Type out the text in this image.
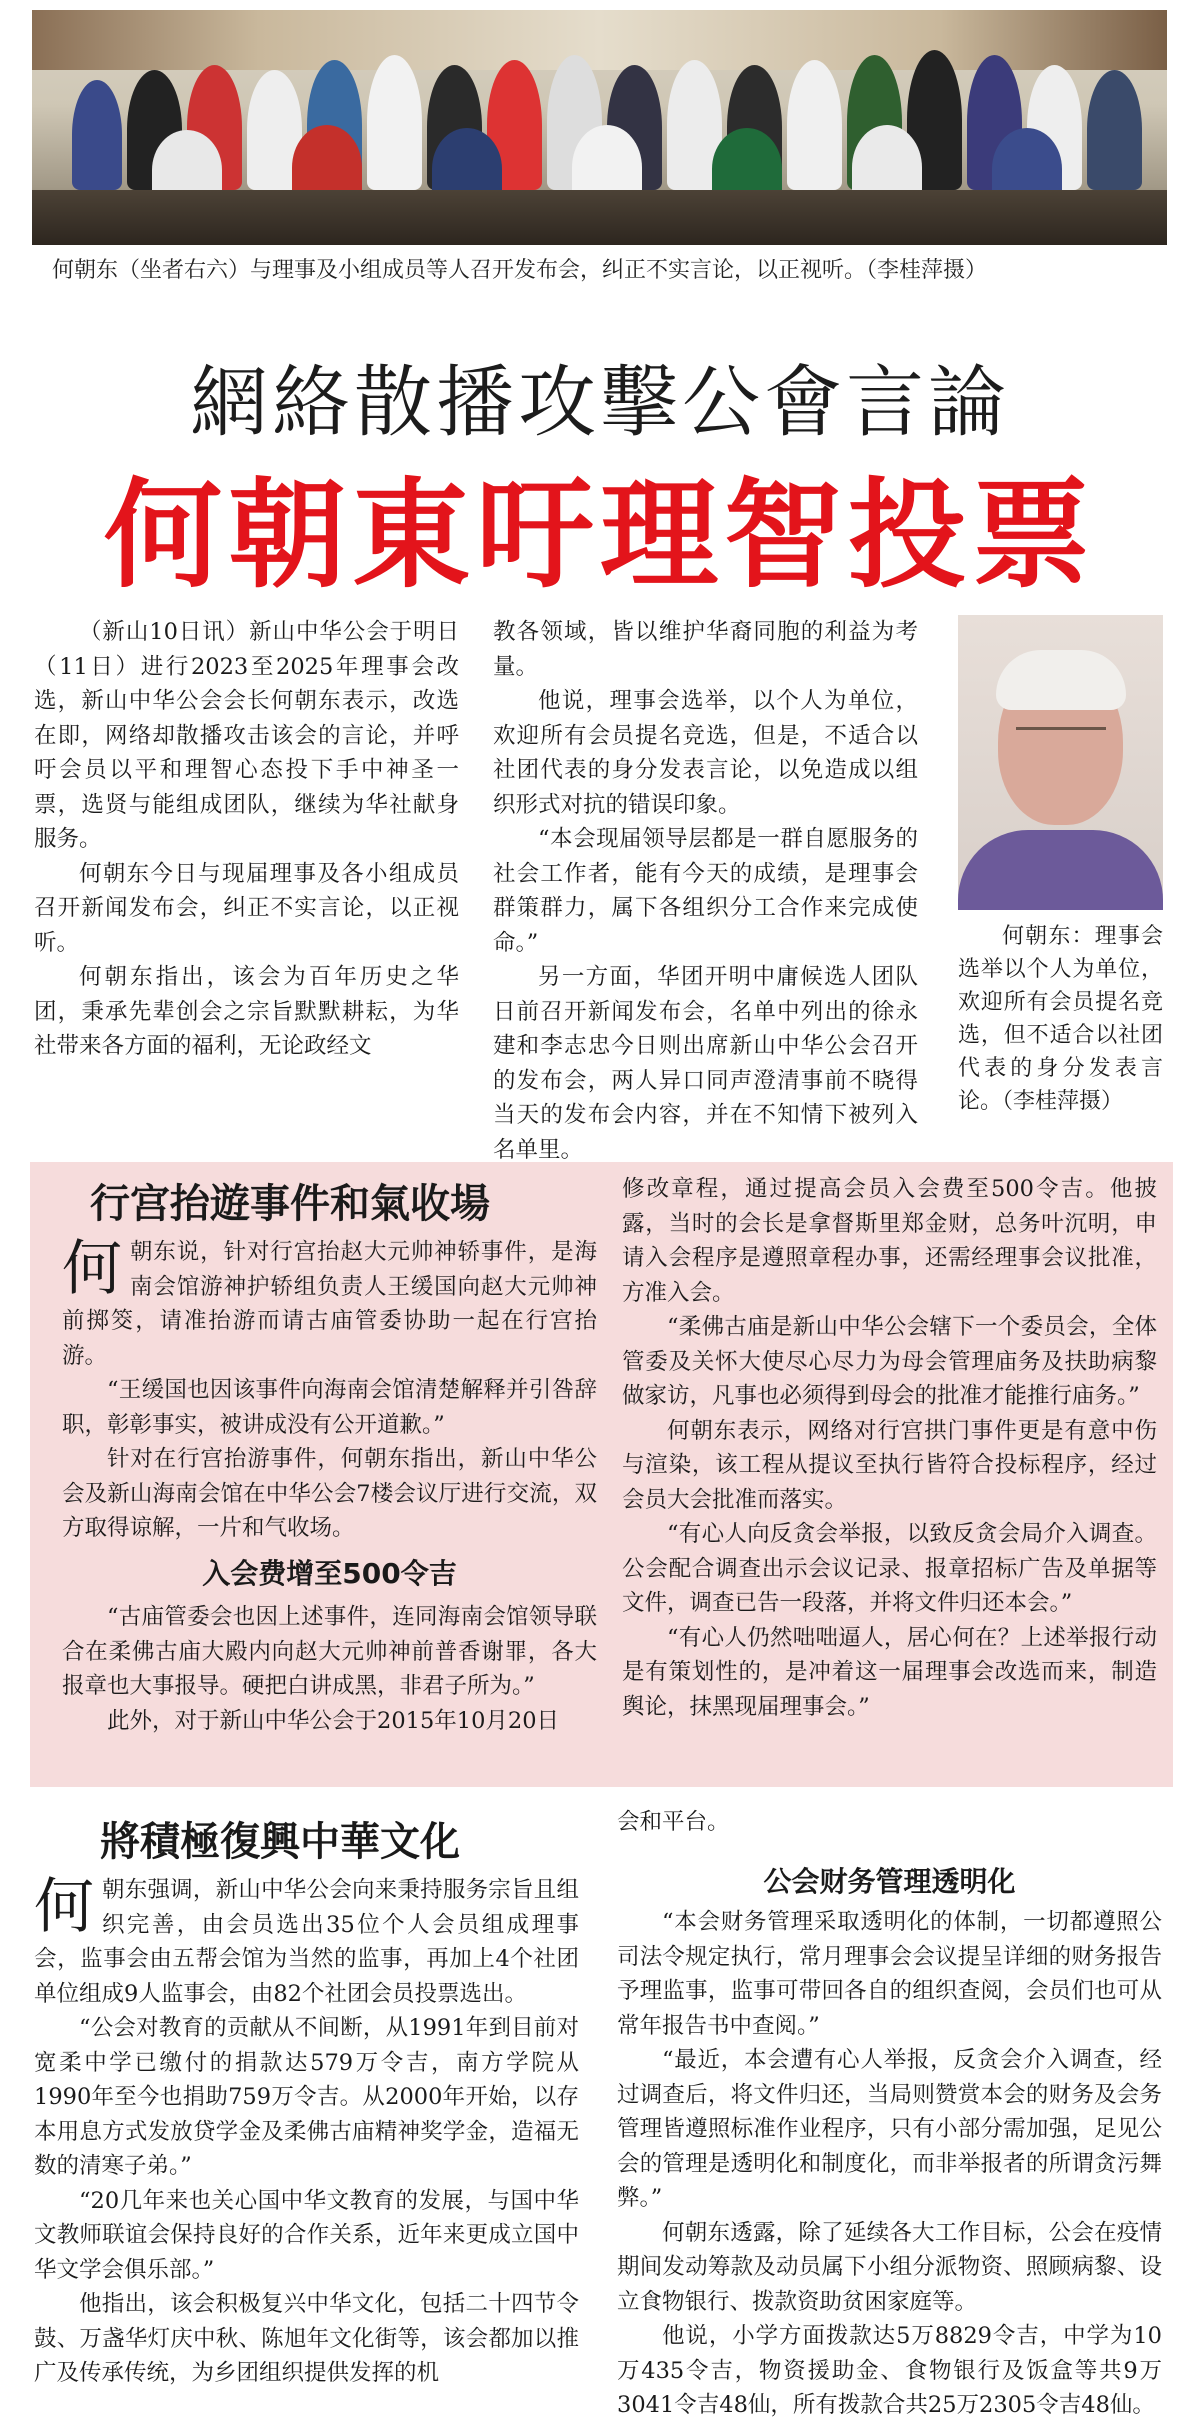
何朝东（坐者右六）与理事及小组成员等人召开发布会，纠正不实言论，以正视听。（李桂萍摄）
網絡散播攻擊公會言論
何朝東吁理智投票

（新山10日讯）新山中华公会于明日（11日）进行2023至2025年理事会改选，新山中华公会会长何朝东表示，改选在即，网络却散播攻击该会的言论，并呼吁会员以平和理智心态投下手中神圣一票，选贤与能组成团队，继续为华社献身服务。

何朝东今日与现届理事及各小组成员召开新闻发布会，纠正不实言论，以正视听。

何朝东指出，该会为百年历史之华团，秉承先辈创会之宗旨默默耕耘，为华社带来各方面的福利，无论政经文

教各领域，皆以维护华裔同胞的利益为考量。

他说，理事会选举，以个人为单位，欢迎所有会员提名竞选，但是，不适合以社团代表的身分发表言论，以免造成以组织形式对抗的错误印象。

“本会现届领导层都是一群自愿服务的社会工作者，能有今天的成绩，是理事会群策群力，属下各组织分工合作来完成使命。”

另一方面，华团开明中庸候选人团队日前召开新闻发布会，名单中列出的徐永建和李志忠今日则出席新山中华公会召开的发布会，两人异口同声澄清事前不晓得当天的发布会内容，并在不知情下被列入名单里。

何朝东：理事会选举以个人为单位，欢迎所有会员提名竞选，但不适合以社团代表的身分发表言论。（李桂萍摄）
行宫抬遊事件和氣收場
何 朝东说，针对行宫抬赵大元帅神轿事件，是海南会馆游神护轿组负责人王缓国向赵大元帅神前掷筊，请准抬游而请古庙管委协助一起在行宫抬游。

“王缓国也因该事件向海南会馆清楚解释并引咎辞职，彰彰事实，被讲成没有公开道歉。”

针对在行宫抬游事件，何朝东指出，新山中华公会及新山海南会馆在中华公会7楼会议厅进行交流，双方取得谅解，一片和气收场。

入会费增至500令吉

“古庙管委会也因上述事件，连同海南会馆领导联合在柔佛古庙大殿内向赵大元帅神前普香谢罪，各大报章也大事报导。硬把白讲成黑，非君子所为。”

此外，对于新山中华公会于2015年10月20日

修改章程，通过提高会员入会费至500令吉。他披露，当时的会长是拿督斯里郑金财，总务叶沉明，申请入会程序是遵照章程办事，还需经理事会议批准，方准入会。

“柔佛古庙是新山中华公会辖下一个委员会，全体管委及关怀大使尽心尽力为母会管理庙务及扶助病黎做家访，凡事也必须得到母会的批准才能推行庙务。”

何朝东表示，网络对行宫拱门事件更是有意中伤与渲染，该工程从提议至执行皆符合投标程序，经过会员大会批准而落实。

“有心人向反贪会举报，以致反贪会局介入调查。公会配合调查出示会议记录、报章招标广告及单据等文件，调查已告一段落，并将文件归还本会。”

“有心人仍然咄咄逼人，居心何在？上述举报行动是有策划性的，是冲着这一届理事会改选而来，制造舆论，抹黑现届理事会。”

將積極復興中華文化
何 朝东强调，新山中华公会向来秉持服务宗旨且组织完善，由会员选出35位个人会员组成理事会，监事会由五帮会馆为当然的监事，再加上4个社团单位组成9人监事会，由82个社团会员投票选出。

“公会对教育的贡献从不间断，从1991年到目前对宽柔中学已缴付的捐款达579万令吉，南方学院从1990年至今也捐助759万令吉。从2000年开始，以存本用息方式发放贷学金及柔佛古庙精神奖学金，造福无数的清寒子弟。”

“20几年来也关心国中华文教育的发展，与国中华文教师联谊会保持良好的合作关系，近年来更成立国中华文学会俱乐部。”

他指出，该会积极复兴中华文化，包括二十四节令鼓、万盏华灯庆中秋、陈旭年文化街等，该会都加以推广及传承传统，为乡团组织提供发挥的机

会和平台。
公会财务管理透明化

“本会财务管理采取透明化的体制，一切都遵照公司法令规定执行，常月理事会会议提呈详细的财务报告予理监事，监事可带回各自的组织查阅，会员们也可从常年报告书中查阅。”

“最近，本会遭有心人举报，反贪会介入调查，经过调查后，将文件归还，当局则赞赏本会的财务及会务管理皆遵照标准作业程序，只有小部分需加强，足见公会的管理是透明化和制度化，而非举报者的所谓贪污舞弊。”

何朝东透露，除了延续各大工作目标，公会在疫情期间发动筹款及动员属下小组分派物资、照顾病黎、设立食物银行、拨款资助贫困家庭等。

他说，小学方面拨款达5万8829令吉，中学为10万435令吉，物资援助金、食物银行及饭盒等共9万3041令吉48仙，所有拨款合共25万2305令吉48仙。
